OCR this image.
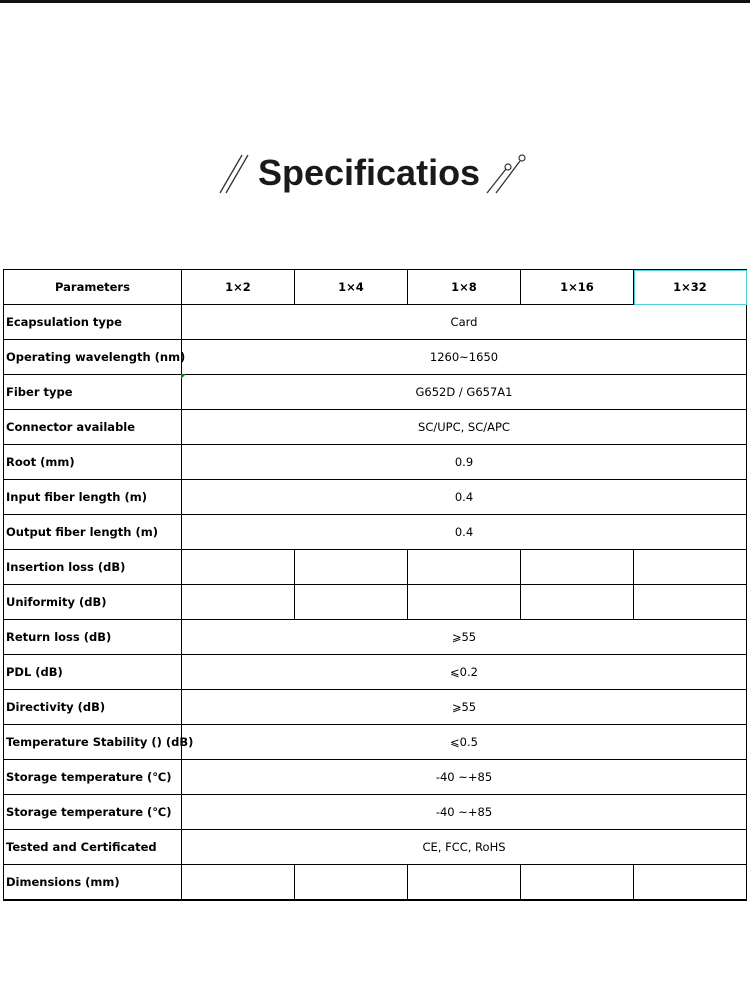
Specificatios
Parameters	1×2	1×4	1×8	1×16	1×32
Ecapsulation type	Card				
Operating wavelength (nm)	1260~1650				
Fiber type	G652D / G657A1				
Connector available	SC/UPC, SC/APC				
Root (mm)	0.9				
Input fiber length (m)	0.4				
Output fiber length (m)	0.4				
Insertion loss (dB)					
Uniformity (dB)					
Return loss (dB)	⩾55				
PDL (dB)	⩽0.2				
Directivity (dB)	⩾55				
Temperature Stability () (dB)	⩽0.5				
Storage temperature (℃)	-40 ~+85				
Storage temperature (℃)	-40 ~+85				
Tested and Certificated	CE, FCC, RoHS				
Dimensions (mm)					
